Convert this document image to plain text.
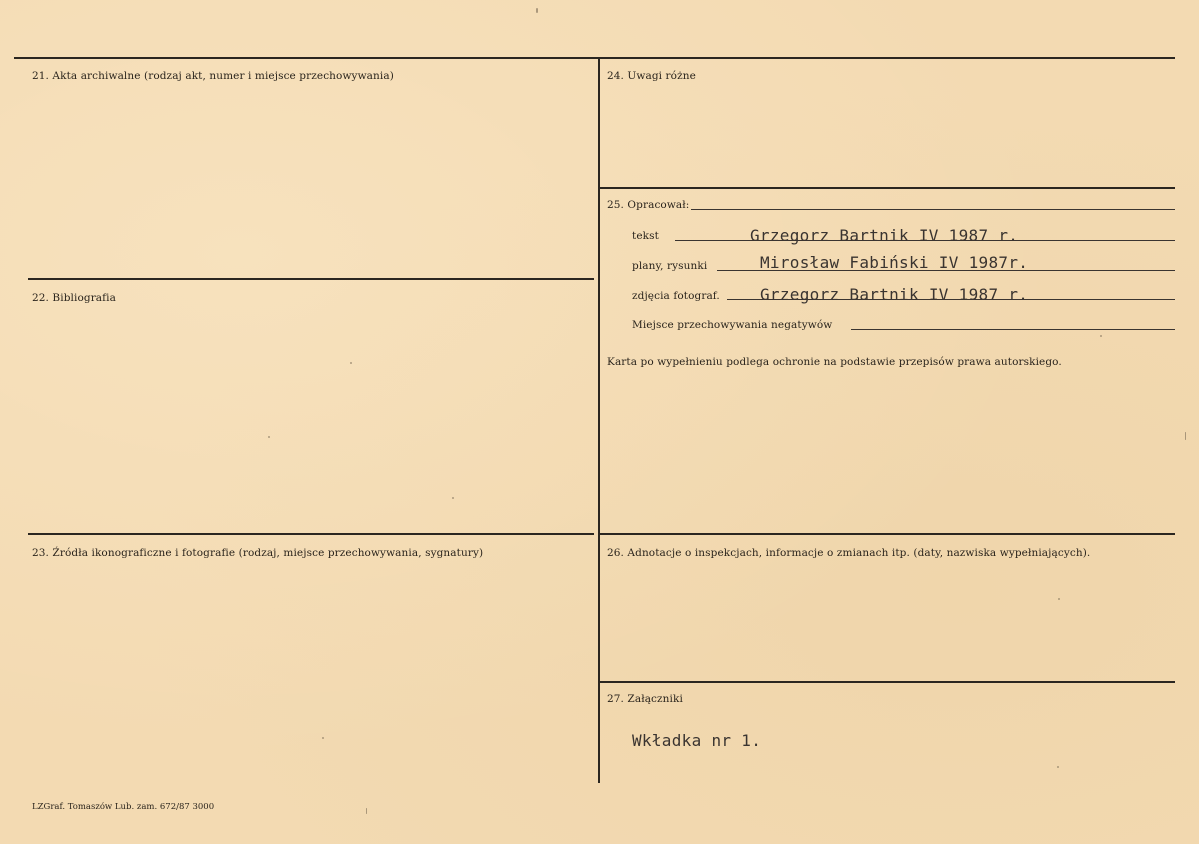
21. Akta archiwalne (rodzaj akt, numer i miejsce przechowywania)
22. Bibliografia
23. Źródła ikonograficzne i fotografie (rodzaj, miejsce przechowywania, sygnatury)
24. Uwagi różne
25. Opracował:
tekst	Grzegorz Bartnik IV 1987 r.
plany, rysunki	Mirosław Fabiński IV 1987r.
zdjęcia fotograf.	Grzegorz Bartnik IV 1987 r.
Miejsce przechowywania negatywów
Karta po wypełnieniu podlega ochronie na podstawie przepisów prawa autorskiego.
26. Adnotacje o inspekcjach, informacje o zmianach itp. (daty, nazwiska wypełniających).
27. Załączniki
Wkładka nr 1.
LZGraf. Tomaszów Lub. zam. 672/87 3000
